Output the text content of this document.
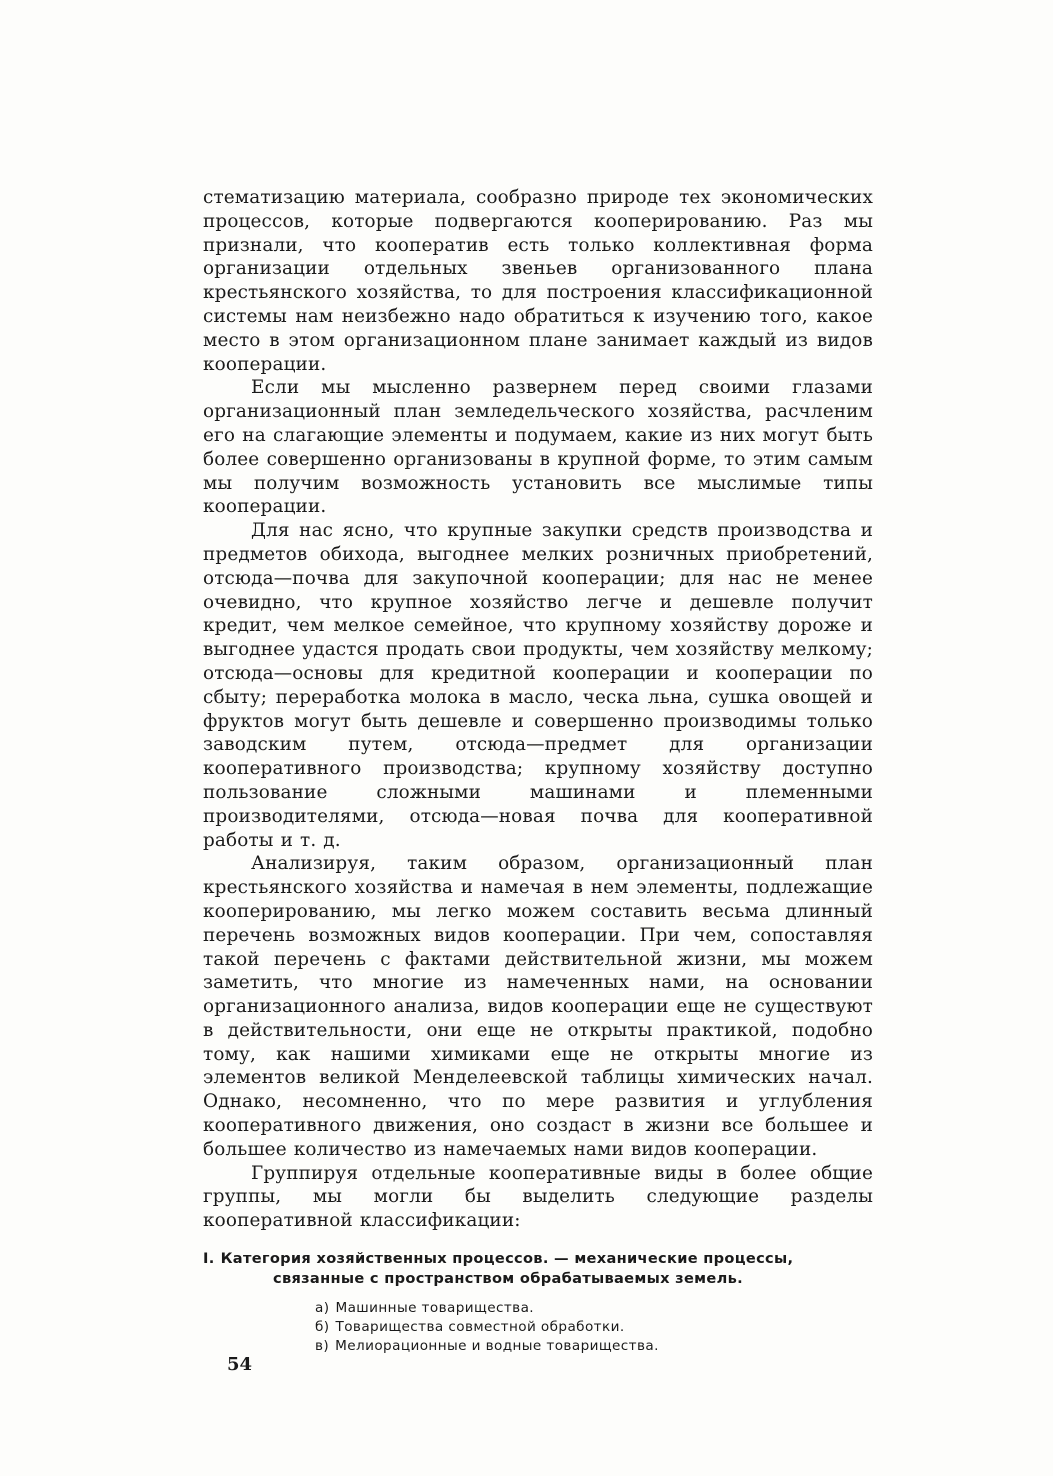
стематизацию материала, сообразно природе тех экономических процессов, которые подвергаются кооперированию. Раз мы признали, что кооператив есть только коллективная форма организации отдельных звеньев организованного плана крестьянского хозяйства, то для построения классификационной системы нам неизбежно надо обратиться к изучению того, какое место в этом организационном плане занимает каждый из видов кооперации.

Если мы мысленно развернем перед своими глазами организационный план земледельческого хозяйства, расчленим его на слагающие элементы и подумаем, какие из них могут быть более совершенно организованы в крупной форме, то этим самым мы получим возможность установить все мыслимые типы кооперации.

Для нас ясно, что крупные закупки средств производства и предметов обихода, выгоднее мелких розничных приобретений, отсюда—почва для закупочной кооперации; для нас не менее очевидно, что крупное хозяйство легче и дешевле получит кредит, чем мелкое семейное, что крупному хозяйству дороже и выгоднее удастся продать свои продукты, чем хозяйству мелкому; отсюда—основы для кредитной кооперации и кооперации по сбыту; переработка молока в масло, ческа льна, сушка овощей и фруктов могут быть дешевле и совершенно производимы только заводским путем, отсюда—предмет для организации кооперативного производства; крупному хозяйству доступно пользование сложными машинами и племенными производителями, отсюда—новая почва для кооперативной работы и т. д.

Анализируя, таким образом, организационный план крестьянского хозяйства и намечая в нем элементы, подлежащие кооперированию, мы легко можем составить весьма длинный перечень возможных видов кооперации. При чем, сопоставляя такой перечень с фактами действительной жизни, мы можем заметить, что многие из намеченных нами, на основании организационного анализа, видов кооперации еще не существуют в действительности, они еще не открыты практикой, подобно тому, как нашими химиками еще не открыты многие из элементов великой Менделеевской таблицы химических начал. Однако, несомненно, что по мере развития и углубления кооперативного движения, оно создаст в жизни все большее и большее количество из намечаемых нами видов кооперации.

Группируя отдельные кооперативные виды в более общие группы, мы могли бы выделить следующие разделы кооперативной классификации:

I. Категория хозяйственных процессов. — механические процессы,
связанные с пространством обрабатываемых земель.
а) Машинные товарищества.
б) Товарищества совместной обработки.
в) Мелиорационные и водные товарищества.
54
